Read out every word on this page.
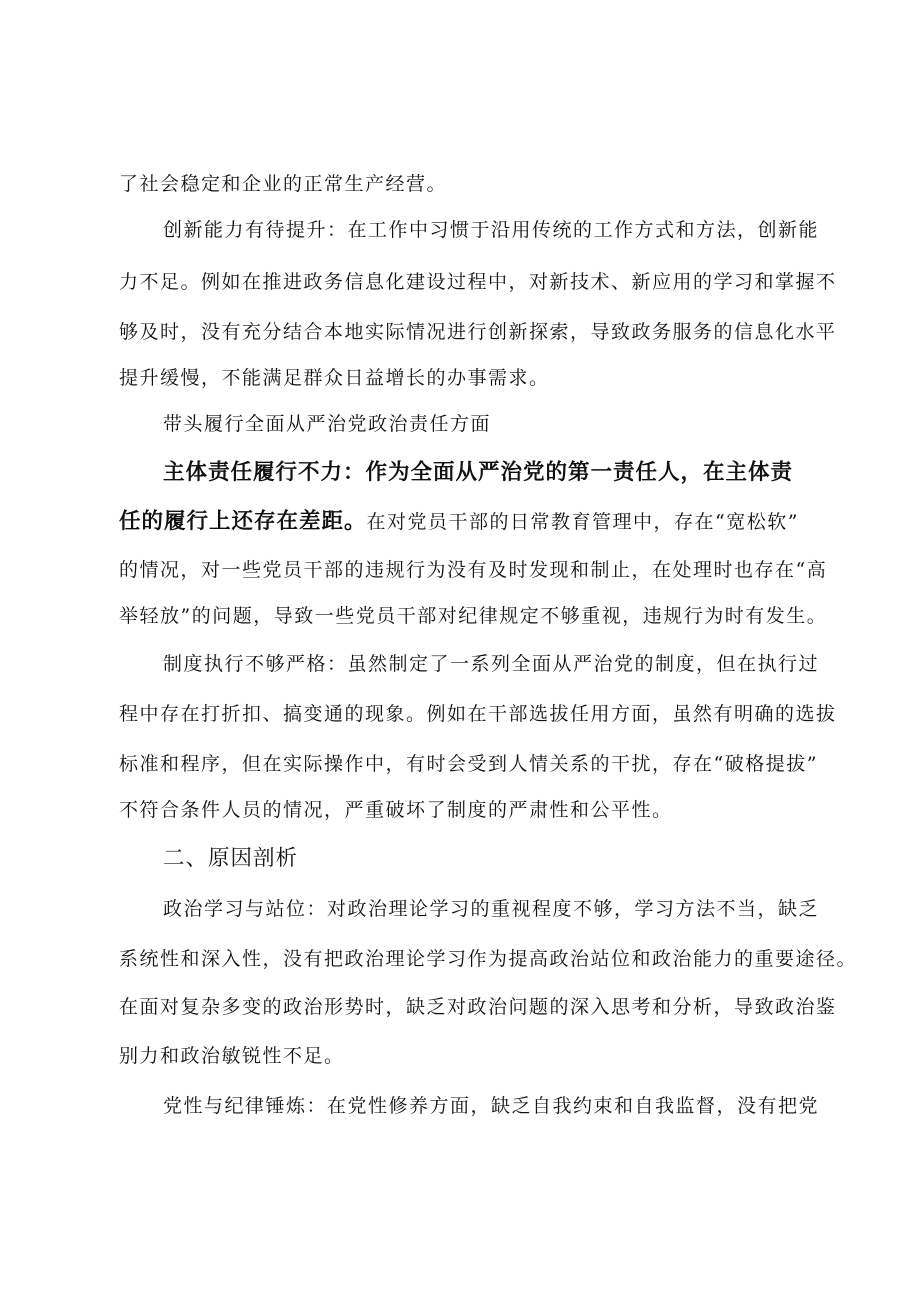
了社会稳定和企业的正常生产经营。
创新能力有待提升：在工作中习惯于沿用传统的工作方式和方法，创新能
力不足。例如在推进政务信息化建设过程中，对新技术、新应用的学习和掌握不
够及时，没有充分结合本地实际情况进行创新探索，导致政务服务的信息化水平
提升缓慢，不能满足群众日益增长的办事需求。
带头履行全面从严治党政治责任方面
主体责任履行不力：作为全面从严治党的第一责任人，在主体责
任的履行上还存在差距。在对党员干部的日常教育管理中，存在“宽松软”
的情况，对一些党员干部的违规行为没有及时发现和制止，在处理时也存在“高
举轻放”的问题，导致一些党员干部对纪律规定不够重视，违规行为时有发生。
制度执行不够严格：虽然制定了一系列全面从严治党的制度，但在执行过
程中存在打折扣、搞变通的现象。例如在干部选拔任用方面，虽然有明确的选拔
标准和程序，但在实际操作中，有时会受到人情关系的干扰，存在“破格提拔”
不符合条件人员的情况，严重破坏了制度的严肃性和公平性。
二、原因剖析
政治学习与站位：对政治理论学习的重视程度不够，学习方法不当，缺乏
系统性和深入性，没有把政治理论学习作为提高政治站位和政治能力的重要途径。
在面对复杂多变的政治形势时，缺乏对政治问题的深入思考和分析，导致政治鉴
别力和政治敏锐性不足。
党性与纪律锤炼：在党性修养方面，缺乏自我约束和自我监督，没有把党
